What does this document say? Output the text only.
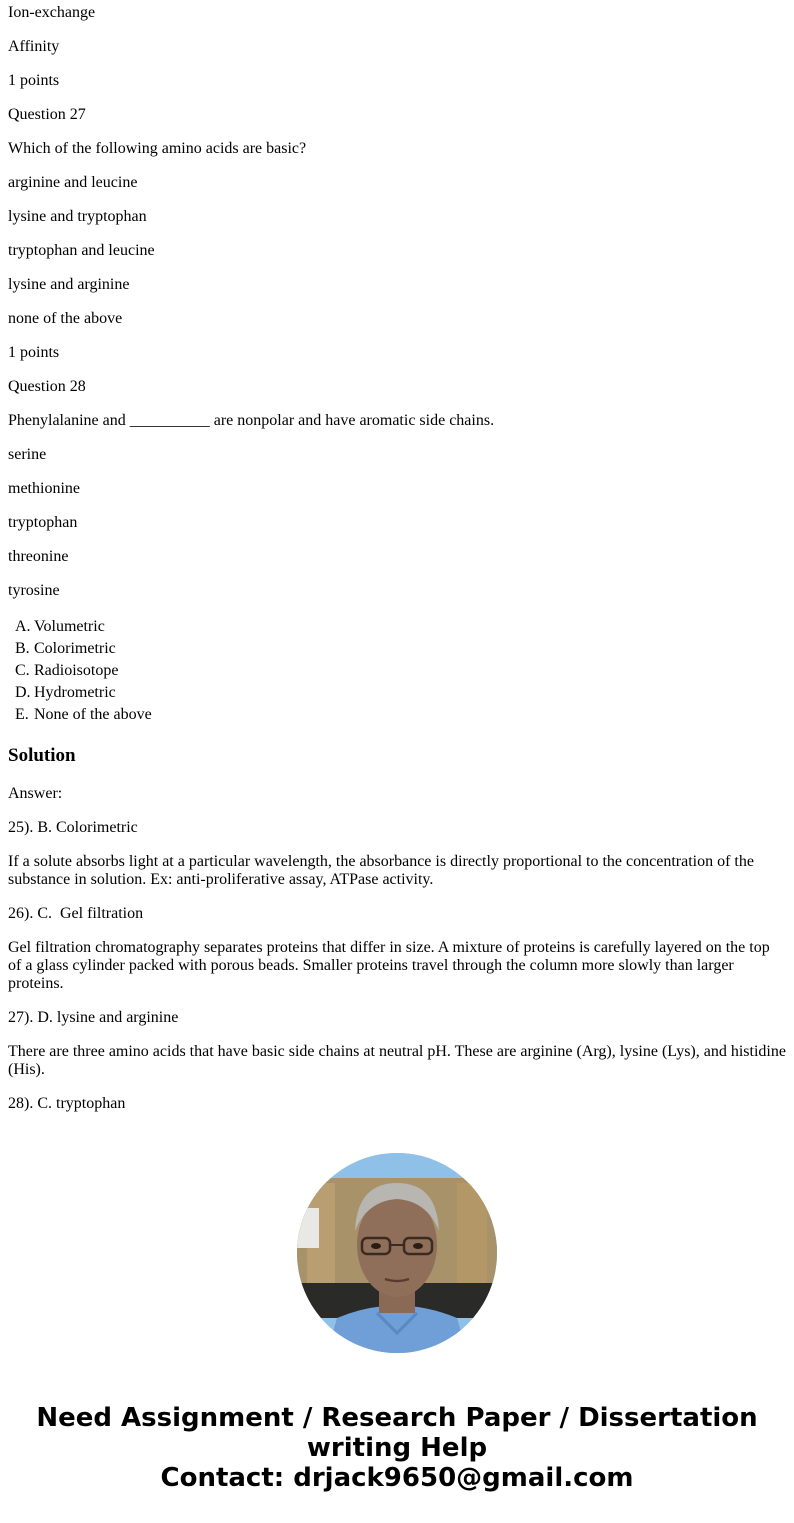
Ion-exchange

Affinity

1 points

Question 27

Which of the following amino acids are basic?

arginine and leucine

lysine and tryptophan

tryptophan and leucine

lysine and arginine

none of the above

1 points

Question 28

Phenylalanine and __________ are nonpolar and have aromatic side chains.

serine

methionine

tryptophan

threonine

tyrosine

A. Volumetric
B. Colorimetric
C. Radioisotope
D. Hydrometric
E. None of the above
Solution

Answer:

25). B. Colorimetric

If a solute absorbs light at a particular wavelength, the absorbance is directly proportional to the concentration of the substance in solution. Ex: anti-proliferative assay, ATPase activity.

26). C.  Gel filtration

Gel filtration chromatography separates proteins that differ in size. A mixture of proteins is carefully layered on the top of a glass cylinder packed with porous beads. Smaller proteins travel through the column more slowly than larger proteins.

27). D. lysine and arginine

There are three amino acids that have basic side chains at neutral pH. These are arginine (Arg), lysine (Lys), and histidine (His).

28). C. tryptophan

Need Assignment / Research Paper / Dissertation
writing Help
Contact: drjack9650@gmail.com
